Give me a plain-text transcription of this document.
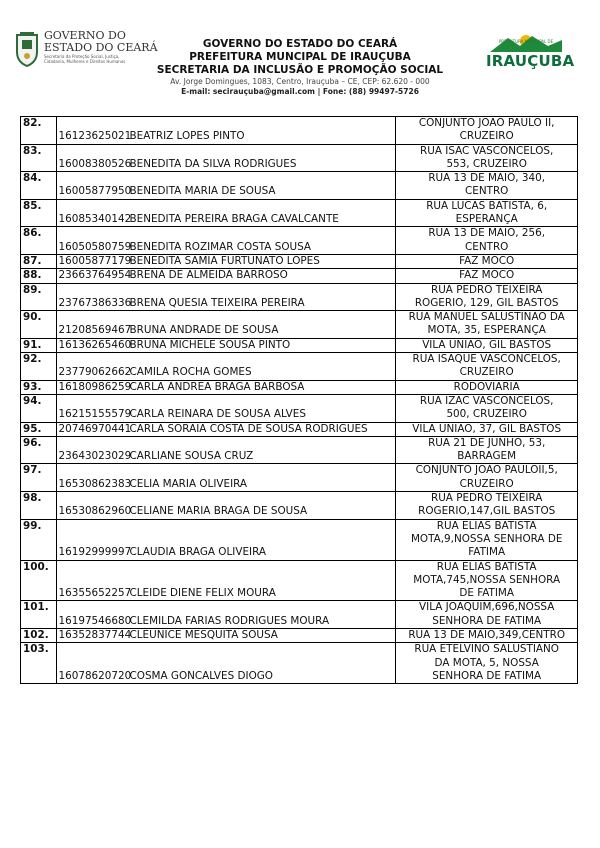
GOVERNO DO
ESTADO DO CEARÁ
Secretaria da Proteção Social, Justiça, Cidadania, Mulheres e Direitos Humanos
GOVERNO DO ESTADO DO CEARÁ
PREFEITURA MUNCIPAL DE IRAUÇUBA
SECRETARIA DA INCLUSÃO E PROMOÇÃO SOCIAL
Av. Jorge Domingues, 1083, Centro, Irauçuba – CE, CEP: 62.620 - 000
E-mail: secirauçuba@gmail.com | Fone: (88) 99497-5726
PREFEITURA MUNICIPAL DE
IRAUÇUBA
82.	16123625021	BEATRIZ LOPES PINTO	CONJUNTO JOAO PAULO II,
CRUZEIRO

83.	16008380526	BENEDITA DA SILVA RODRIGUES	RUA ISAC VASCONCELOS,
553, CRUZEIRO

84.	16005877950	BENEDITA MARIA DE SOUSA	RUA 13 DE MAIO, 340,
CENTRO

85.	16085340142	BENEDITA PEREIRA BRAGA CAVALCANTE	RUA LUCAS BATISTA, 6,
ESPERANÇA

86.	16050580759	BENEDITA ROZIMAR COSTA SOUSA	RUA 13 DE MAIO, 256,
CENTRO

87.	16005877179	BENEDITA SAMIA FURTUNATO LOPES	FAZ MOCO

88.	23663764954	BRENA DE ALMEIDA BARROSO	FAZ MOCO

89.	23767386336	BRENA QUESIA TEIXEIRA PEREIRA	RUA PEDRO TEIXEIRA
ROGERIO, 129, GIL BASTOS

90.	21208569467	BRUNA ANDRADE DE SOUSA	RUA MANUEL SALUSTINAO DA
MOTA, 35, ESPERANÇA

91.	16136265460	BRUNA MICHELE SOUSA PINTO	VILA UNIAO, GIL BASTOS

92.	23779062662	CAMILA ROCHA GOMES	RUA ISAQUE VASCONCELOS,
CRUZEIRO

93.	16180986259	CARLA ANDREA BRAGA BARBOSA	RODOVIARIA

94.	16215155579	CARLA REINARA DE SOUSA ALVES	RUA IZAC VASCONCELOS,
500, CRUZEIRO

95.	20746970441	CARLA SORAIA COSTA DE SOUSA RODRIGUES	VILA UNIAO, 37, GIL BASTOS

96.	23643023029	CARLIANE SOUSA CRUZ	RUA 21 DE JUNHO, 53,
BARRAGEM

97.	16530862383	CELIA MARIA OLIVEIRA	CONJUNTO JOAO PAULOII,5,
CRUZEIRO

98.	16530862960	CELIANE MARIA BRAGA DE SOUSA	RUA PEDRO TEIXEIRA
ROGERIO,147,GIL BASTOS

99.	16192999997	CLAUDIA BRAGA OLIVEIRA	RUA ELIAS BATISTA
MOTA,9,NOSSA SENHORA DE
FATIMA

100.	16355652257	CLEIDE DIENE FELIX MOURA	RUA ELIAS BATISTA
MOTA,745,NOSSA SENHORA
DE FATIMA

101.	16197546680	CLEMILDA FARIAS RODRIGUES MOURA	VILA JOAQUIM,696,NOSSA
SENHORA DE FATIMA

102.	16352837744	CLEUNICE MESQUITA SOUSA	RUA 13 DE MAIO,349,CENTRO

103.	16078620720	COSMA GONCALVES DIOGO	RUA ETELVINO SALUSTIANO
DA MOTA, 5, NOSSA
SENHORA DE FATIMA
